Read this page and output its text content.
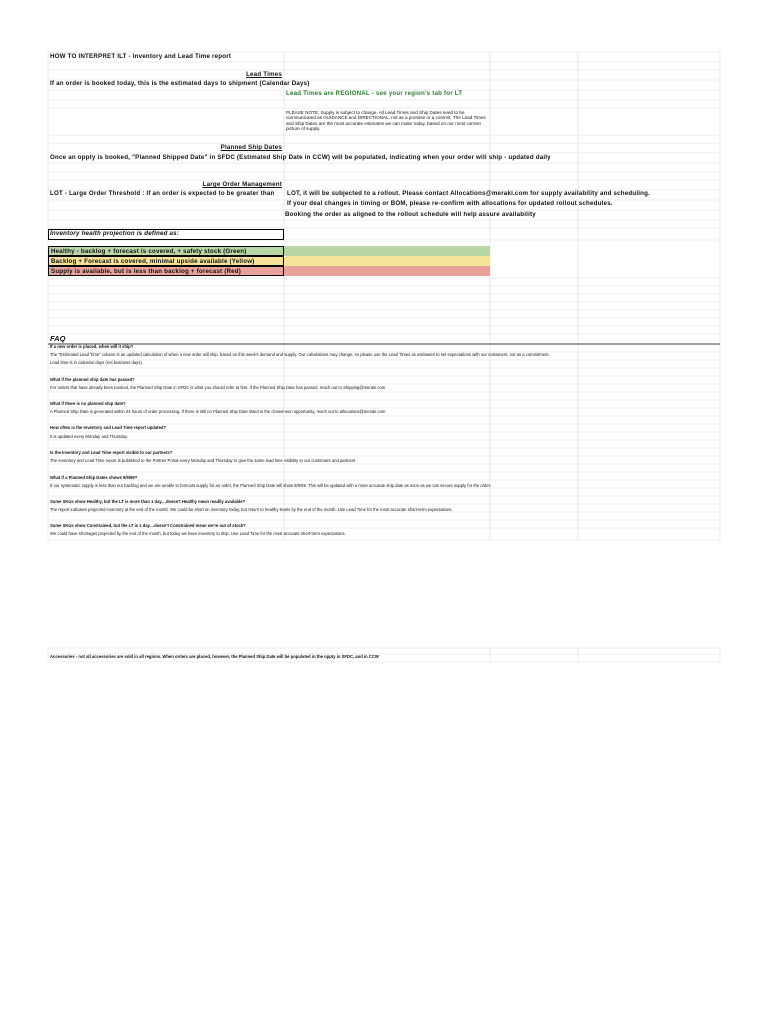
HOW TO INTERPRET ILT - Inventory and Lead Time report
Lead Times
If an order is booked today, this is the estimated days to shipment (Calendar Days)
Lead Times are REGIONAL - see your region's tab for LT
PLEASE NOTE: Supply is subject to change. All Lead Times and Ship Dates need to be communicated as GUIDANCE and DIRECTIONAL, not as a promise or a commit. The Lead Times and Ship Dates are the most accurate estimates we can make today, based on our most current picture of supply.
Planned Ship Dates
Once an oppty is booked, "Planned Shipped Date" in SFDC (Estimated Ship Date in CCW) will be populated, indicating when your order will ship - updated daily
Large Order Management
LOT - Large Order Threshold : If an order is expected to be greater than LOT, it will be subjected to a rollout. Please contact Allocations@meraki.com for supply availability and scheduling.
If your deal changes in timing or BOM, please re-confirm with allocations for updated rollout schedules.
Booking the order as aligned to the rollout schedule will help assure availability
Inventory health projection is defined as:
Healthy - backlog + forecast is covered, + safety stock (Green)
Backlog + Forecast is covered, minimal upside available (Yellow)
Supply is available, but is less than backlog + forecast (Red)
FAQ
If a new order is placed, when will it ship?
The "Estimated Lead Time" column is an updated calculation of when a new order will ship, based on this week's demand and supply. Our calculations may change, so please use the Lead Times as estimates to set expectations with our customers, not as a commitment.
Lead time is in calendar days (not business days).
What if the planned ship date has passed?
For orders that have already been booked, the Planned Ship Date in SFDC is what you should refer to first. If the Planned Ship Date has passed, reach out to Shipping@meraki.com
What if there is no planned ship date?
A Planned Ship Date is generated within 24 hours of order processing. If there is still no Planned Ship Date listed in the closed-won opportunity, reach out to allocations@meraki.com
How often is the Inventory and Lead Time report updated?
It is updated every Monday and Thursday.
Is the Inventory and Lead Time report visible to our partners?
The Inventory and Lead Time report is published to the Partner Portal every Monday and Thursday to give the same lead time visibility to our customers and partners
What if a Planned Ship Dates shows 9/9/99?
If our systematic supply is less than our backlog and we are unable to forecast supply for an order, the Planned Ship Date will show 9/9/99. This will be updated with a more accurate ship date as soon as we can secure supply for the order.
Some SKUs show Healthy, but the LT is more than 1 day…doesn't Healthy mean readily available?
The report indicates projected inventory at the end of the month. We could be short on inventory today, but return to healthy levels by the end of the month. Use Lead Time for the most accurate short-term expectations.
Some SKUs show Constrained, but the LT is 1 day…doesn't Constrained mean we're out of stock?
We could have shortages projected by the end of the month, but today we have inventory to ship. Use Lead Time for the most accurate short-term expectations.
Accessories - not all accessories are sold in all regions. When orders are placed, however, the Planned Ship Date will be populated in the oppty in SFDC, and in CCW
